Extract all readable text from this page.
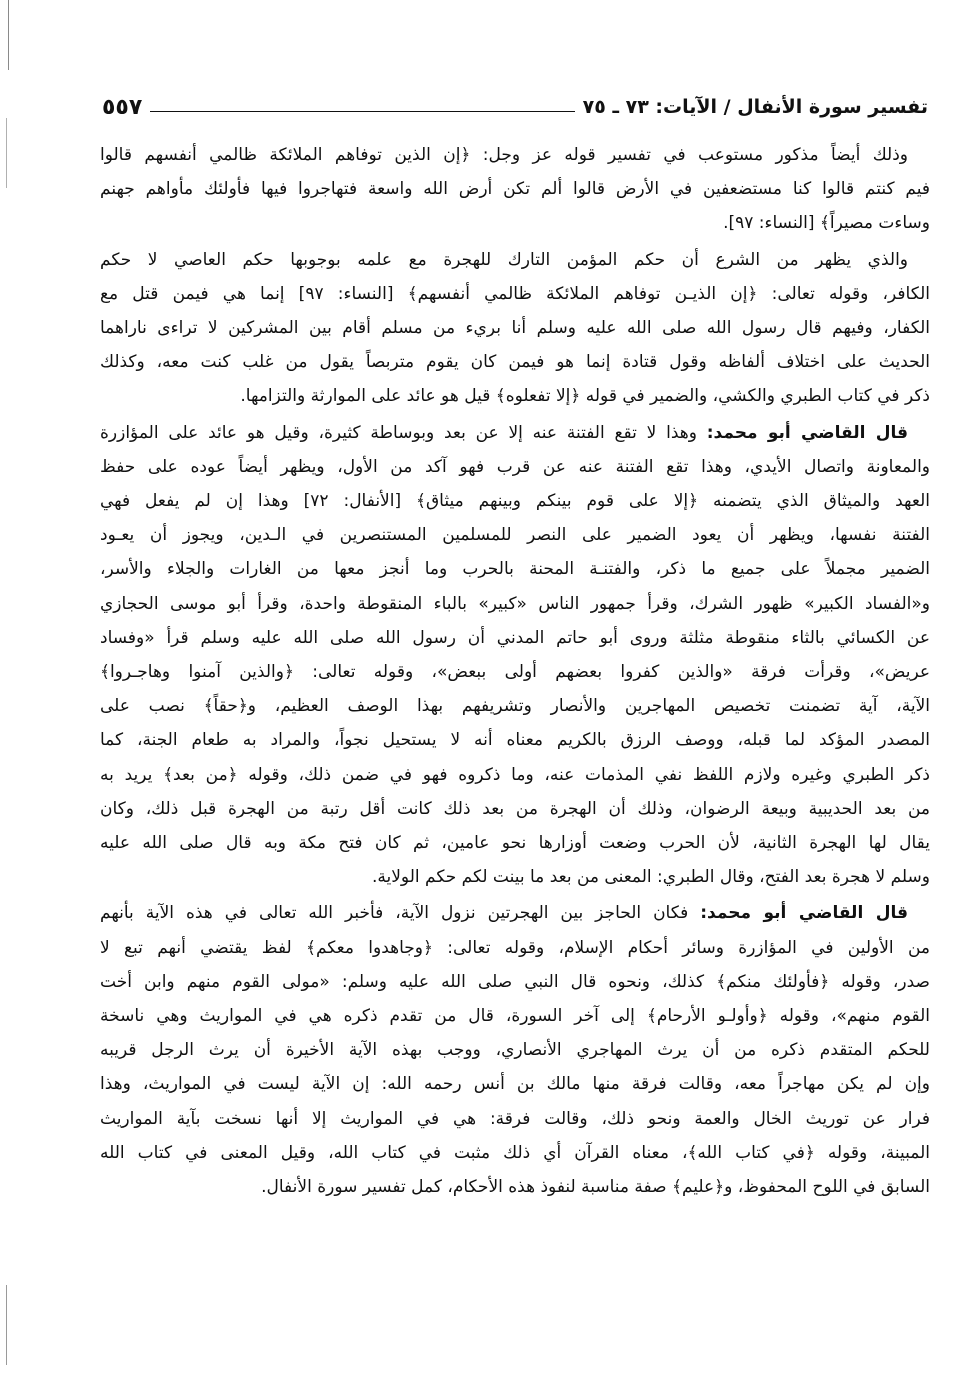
تفسير سورة الأنفال / الآيات: ٧٣ ـ ٧٥
٥٥٧

وذلك أيضاً مذكور مستوعب في تفسير قوله عز وجل: ﴿إن الذين توفاهم الملائكة ظالمي أنفسهم قالوا
فيم كنتم قالوا كنا مستضعفين في الأرض قالوا ألم تكن أرض الله واسعة فتهاجروا فيها فأولئك مأواهم جهنم
وساءت مصيراً﴾ [النساء: ٩٧].

والذي يظهر من الشرع أن حكم المؤمن التارك للهجرة مع علمه بوجوبها حكم العاصي لا حكم
الكافر، وقوله تعالى: ﴿إن الذيـن توفاهم الملائكة ظالمي أنفسهم﴾ [النساء: ٩٧] إنما هي فيمن قتل مع
الكفار، وفيهم قال رسول الله صلى الله عليه وسلم أنا بريء من مسلم أقام بين المشركين لا تراءى ناراهما
الحديث على اختلاف ألفاظه وقول قتادة إنما هو فيمن كان يقوم متربصاً يقول من غلب كنت معه، وكذلك
ذكر في كتاب الطبري والكشي، والضمير في قوله ﴿إلا تفعلوه﴾ قيل هو عائد على الموارثة والتزامها.

قال القاضي أبو محمد: وهذا لا تقع الفتنة عنه إلا عن بعد وبوساطة كثيرة، وقيل هو عائد على المؤازرة
والمعاونة واتصال الأيدي، وهذا تقع الفتنة عنه عن قرب فهو آكد من الأول، ويظهر أيضاً عوده على حفظ
العهد والميثاق الذي يتضمنه ﴿إلا على قوم بينكم وبينهم ميثاق﴾ [الأنفال: ٧٢] وهذا إن لم يفعل فهي
الفتنة نفسها، ويظهر أن يعود الضمير على النصر للمسلمين المستنصرين في الـدين، ويجوز أن يعـود
الضمير مجملاً على جميع ما ذكر، والفتنـة المحنة بالحرب وما أنجز معها من الغارات والجلاء والأسر،
و«الفساد الكبير» ظهور الشرك، وقرأ جمهور الناس «كبير» بالباء المنقوطة واحدة، وقرأ أبو موسى الحجازي
عن الكسائي بالثاء منقوطة مثلثة وروى أبو حاتم المدني أن رسول الله صلى الله عليه وسلم قرأ «وفساد
عريض»، وقرأت فرقة «والذين كفروا بعضهم أولى ببعض»، وقوله تعالى: ﴿والذين آمنوا وهاجـروا﴾
الآية، آية تضمنت تخصيص المهاجرين والأنصار وتشريفهم بهذا الوصف العظيم، و﴿حقاً﴾ نصب على
المصدر المؤكد لما قبله، ووصف الرزق بالكريم معناه أنه لا يستحيل نجواً، والمراد به طعام الجنة، كما
ذكر الطبري وغيره ولازم اللفظ نفي المذمات عنه، وما ذكروه فهو في ضمن ذلك، وقوله ﴿من بعد﴾ يريد به
من بعد الحديبية وبيعة الرضوان، وذلك أن الهجرة من بعد ذلك كانت أقل رتبة من الهجرة قبل ذلك، وكان
يقال لها الهجرة الثانية، لأن الحرب وضعت أوزارها نحو عامين، ثم كان فتح مكة وبه قال صلى الله عليه
وسلم لا هجرة بعد الفتح، وقال الطبري: المعنى من بعد ما بينت لكم حكم الولاية.

قال القاضي أبو محمد: فكان الحاجز بين الهجرتين نزول الآية، فأخبر الله تعالى في هذه الآية بأنهم
من الأولين في المؤازرة وسائر أحكام الإسلام، وقوله تعالى: ﴿وجاهدوا معكم﴾ لفظ يقتضي أنهم تبع لا
صدر، وقوله ﴿فأولئك منكم﴾ كذلك، ونحوه قال النبي صلى الله عليه وسلم: «مولى القوم منهم وابن أخت
القوم منهم»، وقوله ﴿وأولـو الأرحام﴾ إلى آخر السورة، قال من تقدم ذكره هي في المواريث وهي ناسخة
للحكم المتقدم ذكره من أن يرث المهاجري الأنصاري، ووجب بهذه الآية الأخيرة أن يرث الرجل قريبه
وإن لم يكن مهاجراً معه، وقالت فرقة منها مالك بن أنس رحمه الله: إن الآية ليست في المواريث، وهذا
فرار عن توريث الخال والعمة ونحو ذلك، وقالت فرقة: هي في المواريث إلا أنها نسخت بآية المواريث
المبينة، وقوله ﴿في كتاب الله﴾، معناه القرآن أي ذلك مثبت في كتاب الله، وقيل المعنى في كتاب الله
السابق في اللوح المحفوظ، و﴿عليم﴾ صفة مناسبة لنفوذ هذه الأحكام، كمل تفسير سورة الأنفال.
